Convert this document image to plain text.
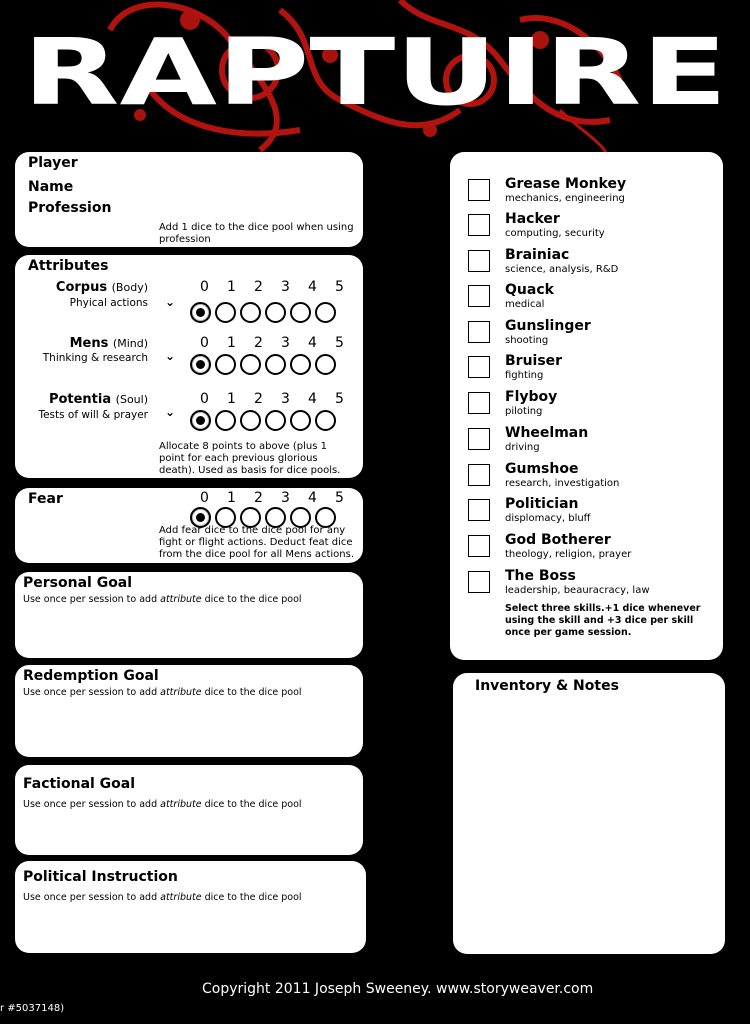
RAPTUIRE
Player
Name
Profession
Add 1 dice to the dice pool when using profession
Attributes
Corpus (Body)
Phyical actions ⌄
0	1	2	3	4	5
Mens (Mind)
Thinking & research ⌄
0	1	2	3	4	5
Potentia (Soul)
Tests of will & prayer ⌄
0	1	2	3	4	5
Allocate 8 points to above (plus 1 point for each previous glorious death). Used as basis for dice pools.
Fear	0	1	2	3	4	5
Add fear dice to the dice pool for any fight or flight actions. Deduct feat dice from the dice pool for all Mens actions.
Personal Goal
Use once per session to add attribute dice to the dice pool
Redemption Goal
Use once per session to add attribute dice to the dice pool
Factional Goal
Use once per session to add attribute dice to the dice pool
Political Instruction
Use once per session to add attribute dice to the dice pool
Grease Monkey
mechanics, engineering
Hacker
computing, security
Brainiac
science, analysis, R&D
Quack
medical
Gunslinger
shooting
Bruiser
fighting
Flyboy
piloting
Wheelman
driving
Gumshoe
research, investigation
Politician
displomacy, bluff
God Botherer
theology, religion, prayer
The Boss
leadership, beauracracy, law
Select three skills.+1 dice whenever using the skill and +3 dice per skill once per game session.
Inventory & Notes
Copyright 2011 Joseph Sweeney. www.storyweaver.com
r #5037148)
